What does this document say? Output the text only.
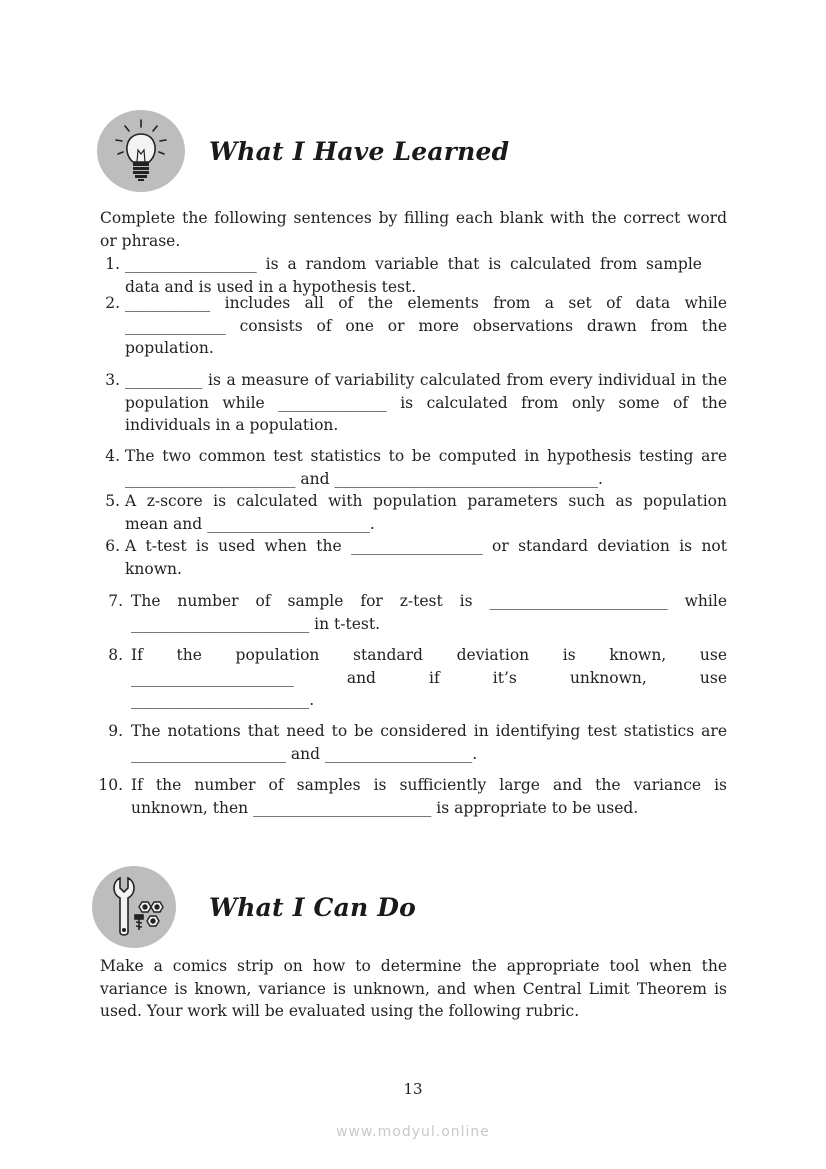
What I Have Learned
Complete the following sentences by filling each blank with the correct word or phrase.
1. _________________ is a random variable that is calculated from sample data and is used in a hypothesis test.
2. ___________ includes all of the elements from a set of data while
_____________ consists of one or more observations drawn from the
population.
3. __________ is a measure of variability calculated from every individual in the population while ______________ is calculated from only some of the individuals in a population.
4. The two common test statistics to be computed in hypothesis testing are
______________________ and __________________________________.
5. A z-score is calculated with population parameters such as population
mean and _____________________.
6. A t-test is used when the _________________ or standard deviation is not
known.
7. The number of sample for z-test is _______________________ while
_______________________ in t-test.
8. If the population standard deviation is known, use
_____________________ and if it’s unknown, use
_______________________.
9. The notations that need to be considered in identifying test statistics are
____________________ and ___________________.
10. If the number of samples is sufficiently large and the variance is
unknown, then _______________________ is appropriate to be used.
What I Can Do
Make a comics strip on how to determine the appropriate tool when the variance is known, variance is unknown, and when Central Limit Theorem is used. Your work will be evaluated using the following rubric.
13
www.modyul.online
